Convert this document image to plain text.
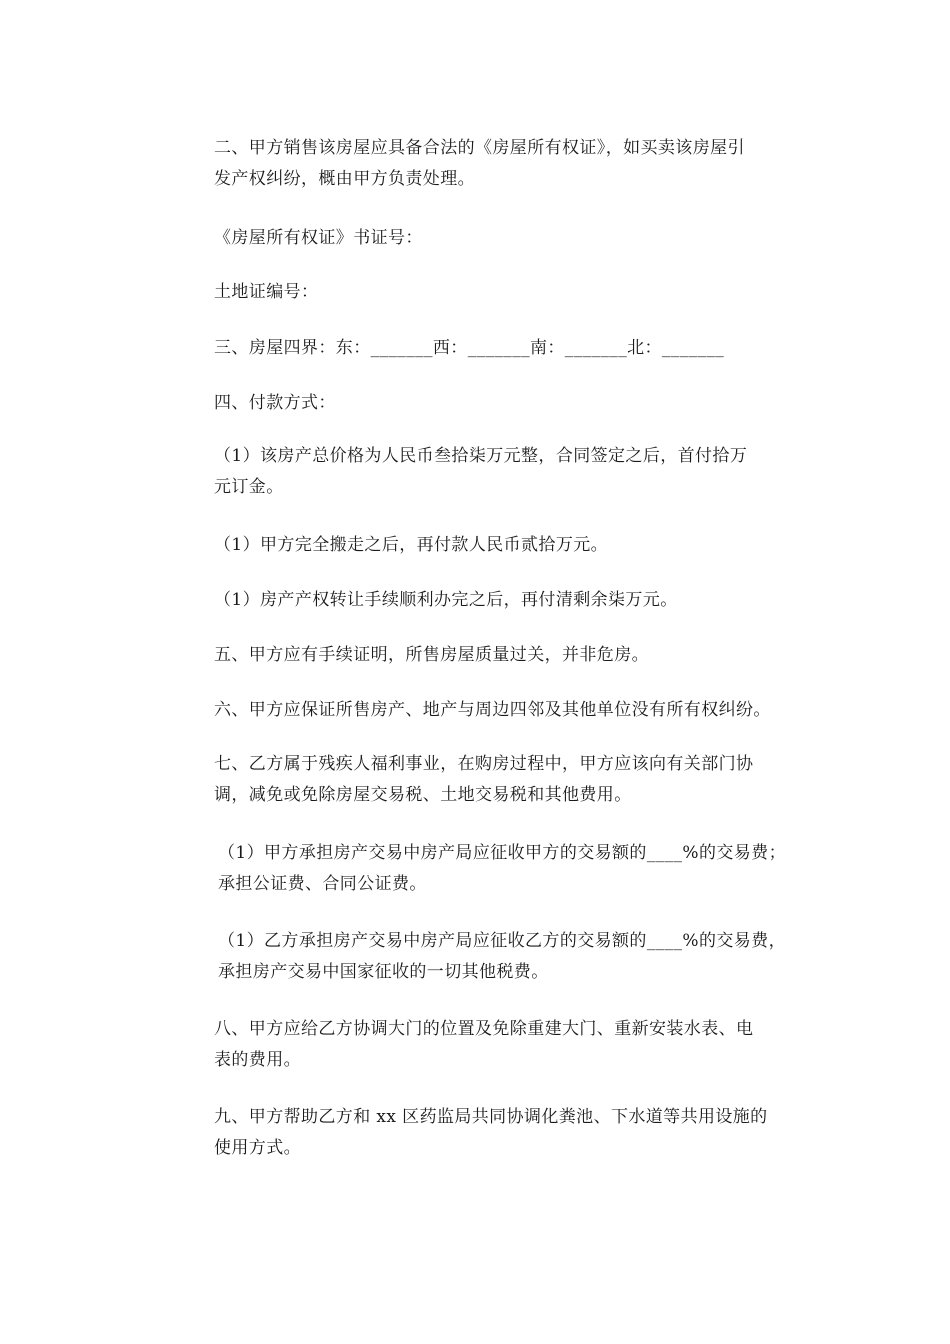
二、甲方销售该房屋应具备合法的《房屋所有权证》，如买卖该房屋引
发产权纠纷，概由甲方负责处理。

《房屋所有权证》书证号：

土地证编号：

三、房屋四界：东：_______西：_______南：_______北：_______

四、付款方式：

（1）该房产总价格为人民币叁拾柒万元整，合同签定之后，首付拾万
元订金。

（1）甲方完全搬走之后，再付款人民币贰拾万元。

（1）房产产权转让手续顺利办完之后，再付清剩余柒万元。

五、甲方应有手续证明，所售房屋质量过关，并非危房。

六、甲方应保证所售房产、地产与周边四邻及其他单位没有所有权纠纷。

七、乙方属于残疾人福利事业，在购房过程中，甲方应该向有关部门协
调，减免或免除房屋交易税、土地交易税和其他费用。

（1）甲方承担房产交易中房产局应征收甲方的交易额的____%的交易费；
承担公证费、合同公证费。

（1）乙方承担房产交易中房产局应征收乙方的交易额的____%的交易费，
承担房产交易中国家征收的一切其他税费。

八、甲方应给乙方协调大门的位置及免除重建大门、重新安装水表、电
表的费用。

九、甲方帮助乙方和 xx 区药监局共同协调化粪池、下水道等共用设施的
使用方式。
